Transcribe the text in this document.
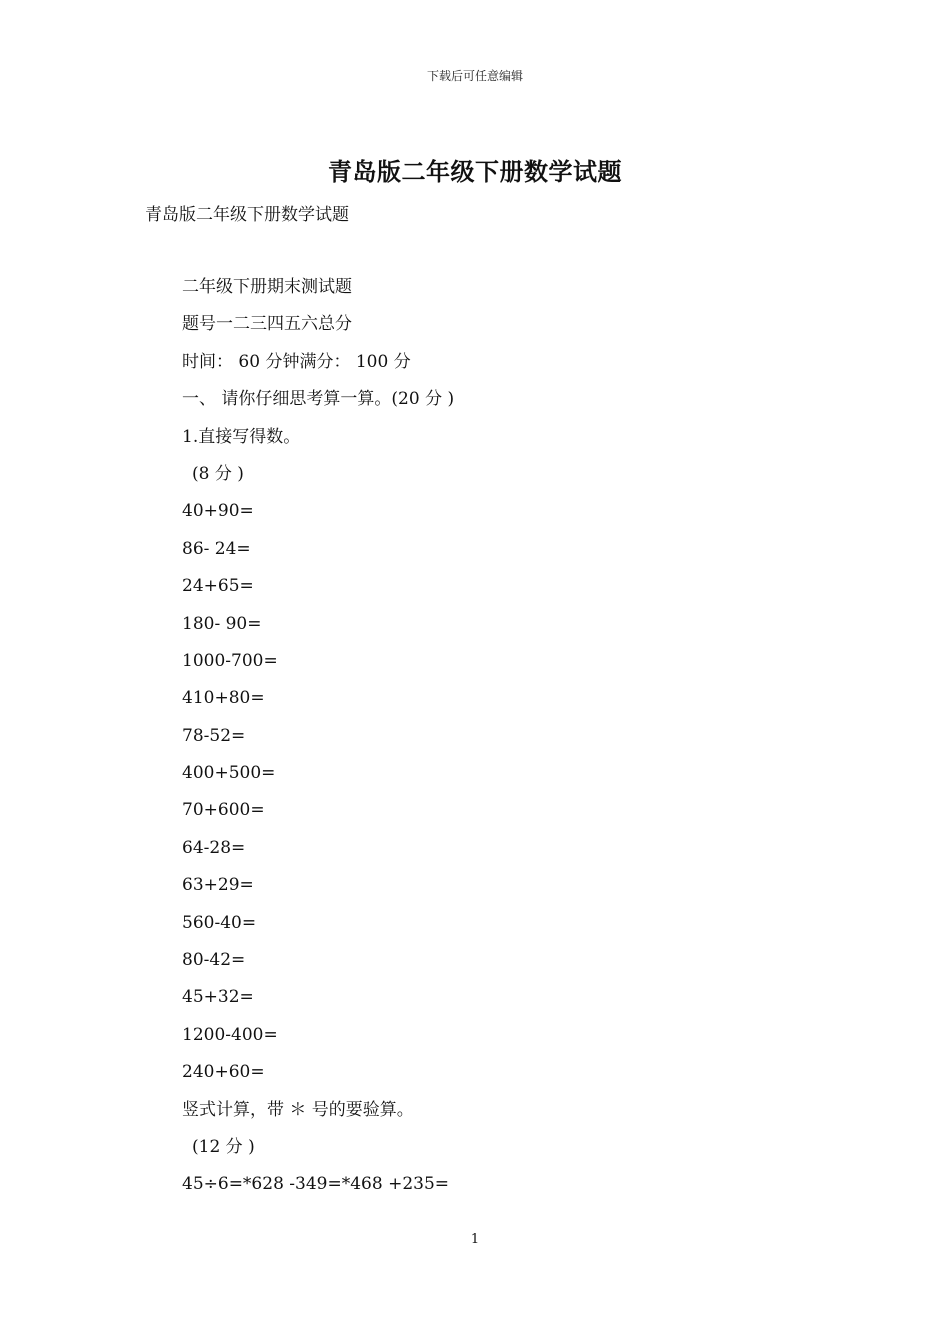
下载后可任意编辑
青岛版二年级下册数学试题
青岛版二年级下册数学试题
二年级下册期末测试题
题号一二三四五六总分
时间： 60 分钟满分： 100 分
一、 请你仔细思考算一算。(20 分 )
1.直接写得数。
(8 分 )
40+90=
86- 24=
24+65=
180- 90=
1000-700=
410+80=
78-52=
400+500=
70+600=
64-28=
63+29=
560-40=
80-42=
45+32=
1200-400=
240+60=
竖式计算，带 ＊ 号的要验算。
(12 分 )
45÷6=*628 -349=*468 +235=
1
